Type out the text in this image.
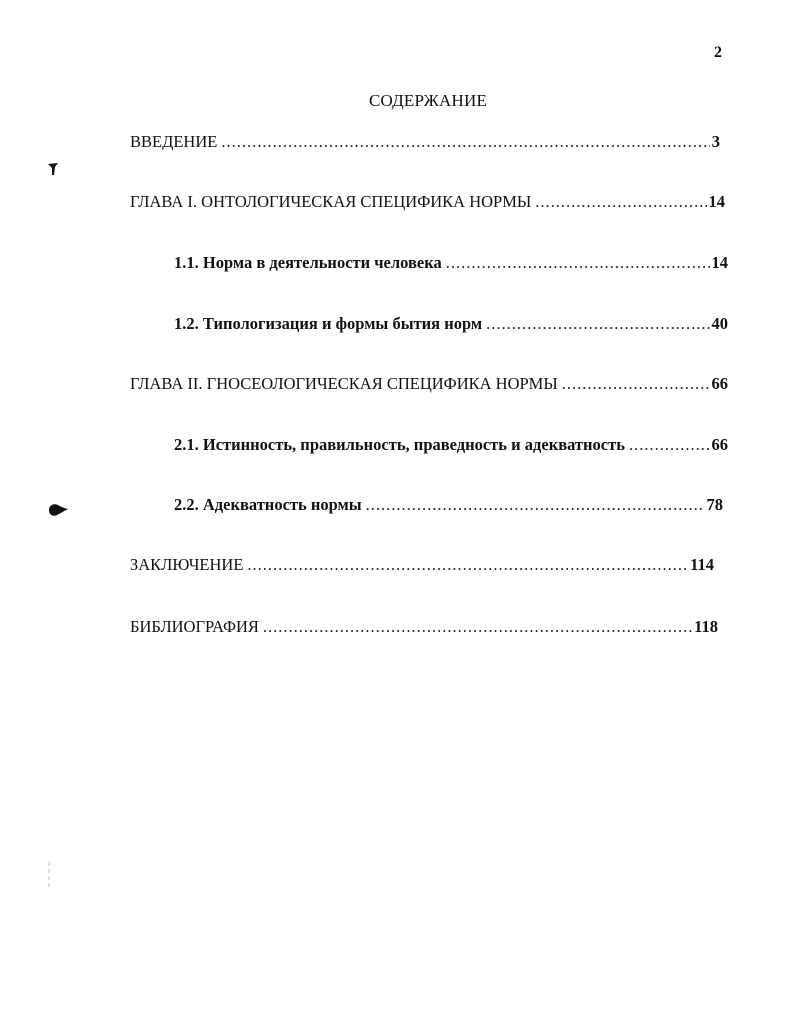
2
СОДЕРЖАНИЕ
ВВЕДЕНИЕ .....	3
ГЛАВА I. ОНТОЛОГИЧЕСКАЯ СПЕЦИФИКА НОРМЫ .....	14
1.1. Норма в деятельности человека .....	14
1.2. Типологизация и формы бытия норм .....	40
ГЛАВА II. ГНОСЕОЛОГИЧЕСКАЯ СПЕЦИФИКА НОРМЫ .....	66
2.1. Истинность, правильность, праведность и адекватность .....	66
2.2. Адекватность нормы .....	78
ЗАКЛЮЧЕНИЕ .....	114
БИБЛИОГРАФИЯ .....	118
